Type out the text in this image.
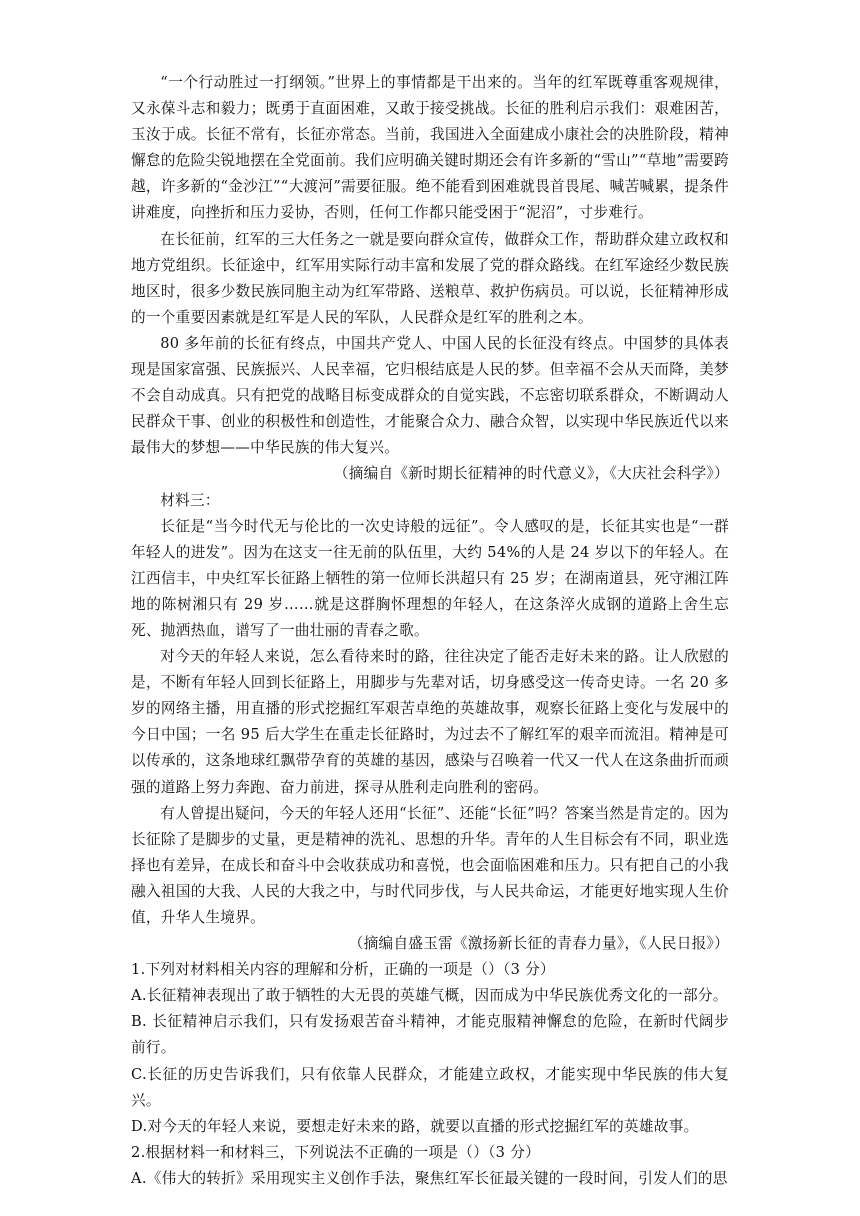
“一个行动胜过一打纲领。”世界上的事情都是干出来的。当年的红军既尊重客观规律，又永葆斗志和毅力；既勇于直面困难，又敢于接受挑战。长征的胜利启示我们：艰难困苦，玉汝于成。长征不常有，长征亦常态。当前，我国进入全面建成小康社会的决胜阶段，精神懈怠的危险尖锐地摆在全党面前。我们应明确关键时期还会有许多新的“雪山”“草地”需要跨越，许多新的“金沙江”“大渡河”需要征服。绝不能看到困难就畏首畏尾、喊苦喊累，提条件讲难度，向挫折和压力妥协，否则，任何工作都只能受困于“泥沼”，寸步难行。

在长征前，红军的三大任务之一就是要向群众宣传，做群众工作，帮助群众建立政权和地方党组织。长征途中，红军用实际行动丰富和发展了党的群众路线。在红军途经少数民族地区时，很多少数民族同胞主动为红军带路、送粮草、救护伤病员。可以说，长征精神形成的一个重要因素就是红军是人民的军队，人民群众是红军的胜利之本。

80 多年前的长征有终点，中国共产党人、中国人民的长征没有终点。中国梦的具体表现是国家富强、民族振兴、人民幸福，它归根结底是人民的梦。但幸福不会从天而降，美梦不会自动成真。只有把党的战略目标变成群众的自觉实践，不忘密切联系群众，不断调动人民群众干事、创业的积极性和创造性，才能聚合众力、融合众智，以实现中华民族近代以来最伟大的梦想——中华民族的伟大复兴。

（摘编自《新时期长征精神的时代意义》，《大庆社会科学》）

材料三：

长征是“当今时代无与伦比的一次史诗般的远征”。令人感叹的是，长征其实也是“一群年轻人的进发”。因为在这支一往无前的队伍里，大约 54%的人是 24 岁以下的年轻人。在江西信丰，中央红军长征路上牺牲的第一位师长洪超只有 25 岁；在湖南道县，死守湘江阵地的陈树湘只有 29 岁……就是这群胸怀理想的年轻人，在这条淬火成钢的道路上舍生忘死、抛洒热血，谱写了一曲壮丽的青春之歌。

对今天的年轻人来说，怎么看待来时的路，往往决定了能否走好未来的路。让人欣慰的是，不断有年轻人回到长征路上，用脚步与先辈对话，切身感受这一传奇史诗。一名 20 多岁的网络主播，用直播的形式挖掘红军艰苦卓绝的英雄故事，观察长征路上变化与发展中的今日中国；一名 95 后大学生在重走长征路时，为过去不了解红军的艰辛而流泪。精神是可以传承的，这条地球红飘带孕育的英雄的基因，感染与召唤着一代又一代人在这条曲折而顽强的道路上努力奔跑、奋力前进，探寻从胜利走向胜利的密码。

有人曾提出疑问，今天的年轻人还用“长征”、还能“长征”吗？答案当然是肯定的。因为长征除了是脚步的丈量，更是精神的洗礼、思想的升华。青年的人生目标会有不同，职业选择也有差异，在成长和奋斗中会收获成功和喜悦，也会面临困难和压力。只有把自己的小我融入祖国的大我、人民的大我之中，与时代同步伐，与人民共命运，才能更好地实现人生价值，升华人生境界。

（摘编自盛玉雷《激扬新长征的青春力量》，《人民日报》）

1.下列对材料相关内容的理解和分析，正确的一项是（）（3 分）

A.长征精神表现出了敢于牺牲的大无畏的英雄气概，因而成为中华民族优秀文化的一部分。

B. 长征精神启示我们，只有发扬艰苦奋斗精神，才能克服精神懈怠的危险，在新时代阔步前行。

C.长征的历史告诉我们，只有依靠人民群众，才能建立政权，才能实现中华民族的伟大复兴。

D.对今天的年轻人来说，要想走好未来的路，就要以直播的形式挖掘红军的英雄故事。

2.根据材料一和材料三，下列说法不正确的一项是（）（3 分）

A.《伟大的转折》采用现实主义创作手法，聚焦红军长征最关键的一段时间，引发人们的思
